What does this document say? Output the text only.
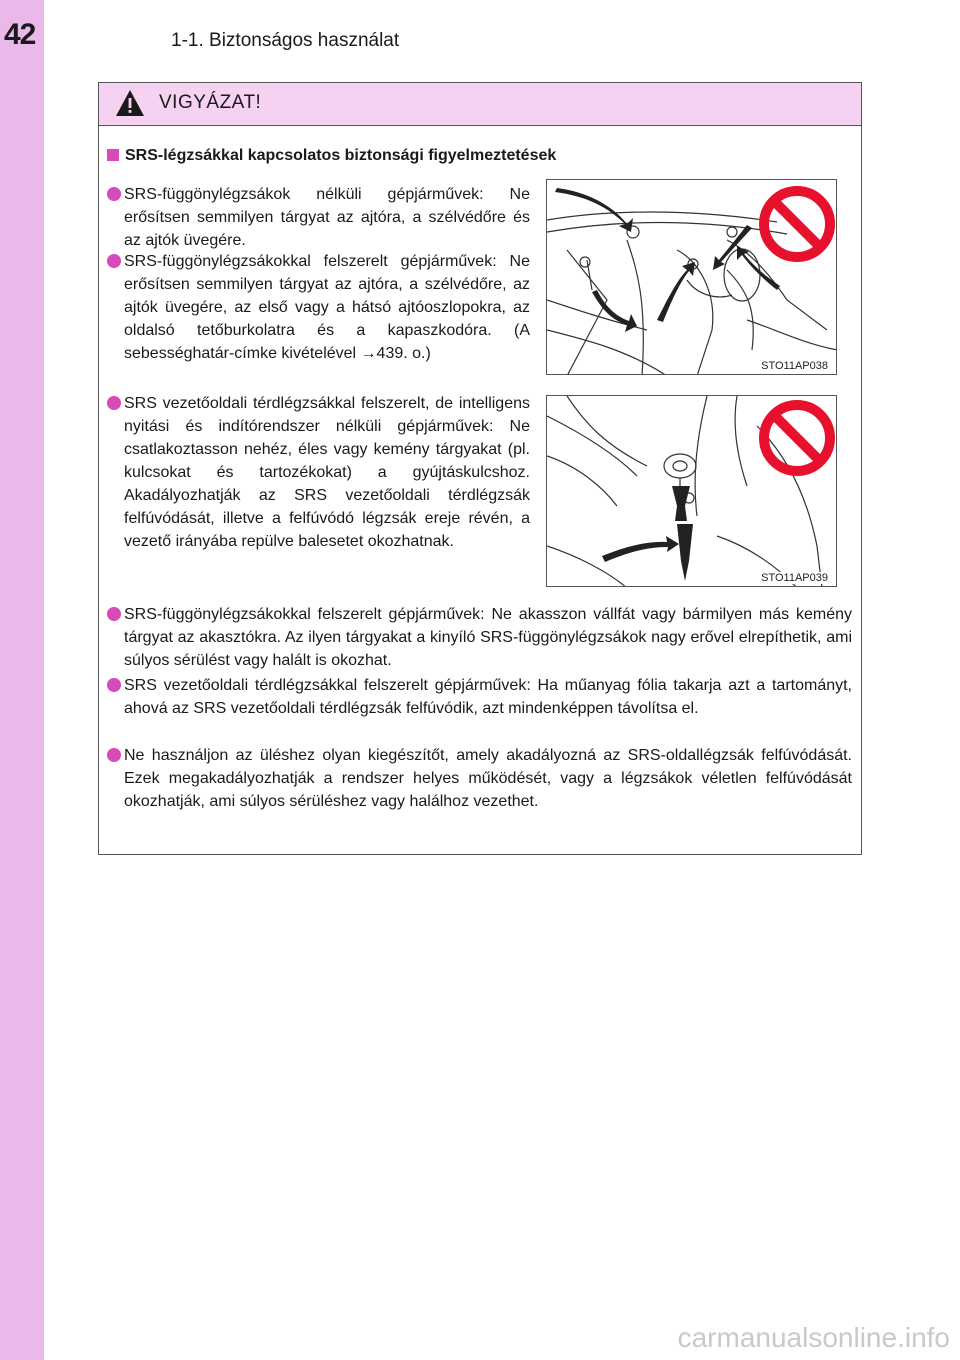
42	1-1. Biztonságos használat
VIGYÁZAT!
SRS-légzsákkal kapcsolatos biztonsági figyelmeztetések
SRS-függönylégzsákok nélküli gépjárművek: Ne erősítsen semmilyen tárgyat az ajtóra, a szélvédőre és az ajtók üvegére.
SRS-függönylégzsákokkal felszerelt gépjárművek: Ne erősítsen semmilyen tárgyat az ajtóra, a szélvédőre, az ajtók üvegére, az első vagy a hátsó ajtóoszlopokra, az oldalsó tetőburkolatra és a kapaszkodóra. (A sebességhatár-címke kivételével →439. o.)
SRS vezetőoldali térdlégzsákkal felszerelt, de intelligens nyitási és indítórendszer nélküli gépjárművek: Ne csatlakoztasson nehéz, éles vagy kemény tárgyakat (pl. kulcsokat és tartozékokat) a gyújtáskulcshoz. Akadályozhatják az SRS vezetőoldali térdlégzsák felfúvódását, illetve a felfúvódó légzsák ereje révén, a vezető irányába repülve balesetet okozhatnak.
SRS-függönylégzsákokkal felszerelt gépjárművek: Ne akasszon vállfát vagy bármilyen más kemény tárgyat az akasztókra. Az ilyen tárgyakat a kinyíló SRS-függönylégzsákok nagy erővel elrepíthetik, ami súlyos sérülést vagy halált is okozhat.
SRS vezetőoldali térdlégzsákkal felszerelt gépjárművek: Ha műanyag fólia takarja azt a tartományt, ahová az SRS vezetőoldali térdlégzsák felfúvódik, azt mindenképpen távolítsa el.
Ne használjon az üléshez olyan kiegészítőt, amely akadályozná az SRS-oldallégzsák felfúvódását. Ezek megakadályozhatják a rendszer helyes működését, vagy a légzsákok véletlen felfúvódását okozhatják, ami súlyos sérüléshez vagy halálhoz vezethet.
STO11AP038
STO11AP039
carmanualsonline.info
